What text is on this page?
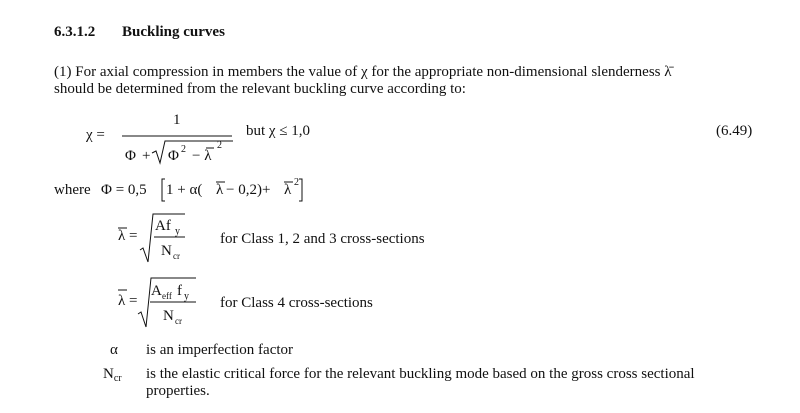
6.3.1.2 Buckling curves
(1) For axial compression in members the value of χ for the appropriate non-dimensional slenderness λ̄
should be determined from the relevant buckling curve according to:
χ =
1
Φ + Φ 2 − λ
2
but χ ≤ 1,0	(6.49)
where Φ = 0,5 1 + α( λ − 0,2)+ λ 2
λ =
Af y
N cr
for Class 1, 2 and 3 cross-sections
λ =
A eff f y
N cr
for Class 4 cross-sections
α is an imperfection factor
$N_{cr}$ is the elastic critical force for the relevant buckling mode based on the gross cross sectional
properties.
